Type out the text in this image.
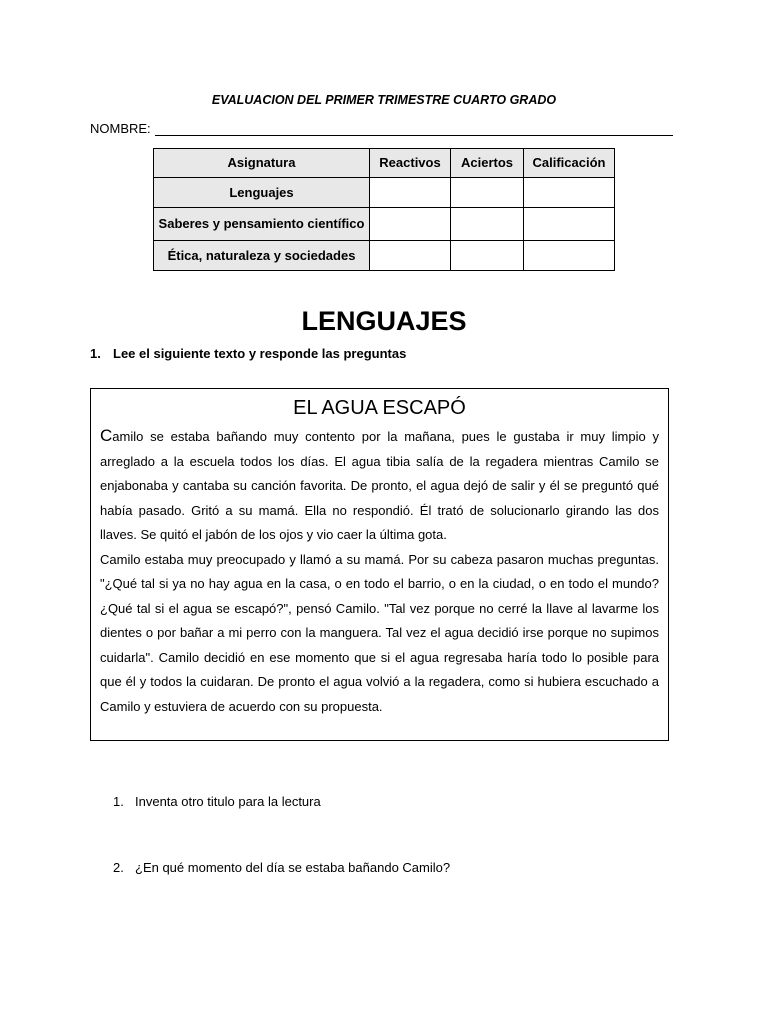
EVALUACION DEL PRIMER TRIMESTRE CUARTO GRADO
NOMBRE:
Asignatura	Reactivos	Aciertos	Calificación
Lenguajes			
Saberes y pensamiento científico			
Ética, naturaleza y sociedades			
LENGUAJES
1. Lee el siguiente texto y responde las preguntas
EL AGUA ESCAPÓ

Camilo se estaba bañando muy contento por la mañana, pues le gustaba ir muy limpio y arreglado a la escuela todos los días. El agua tibia salía de la regadera mientras Camilo se enjabonaba y cantaba su canción favorita. De pronto, el agua dejó de salir y él se preguntó qué había pasado. Gritó a su mamá. Ella no respondió. Él trató de solucionarlo girando las dos llaves. Se quitó el jabón de los ojos y vio caer la última gota.

Camilo estaba muy preocupado y llamó a su mamá. Por su cabeza pasaron muchas preguntas. "¿Qué tal si ya no hay agua en la casa, o en todo el barrio, o en la ciudad, o en todo el mundo? ¿Qué tal si el agua se escapó?", pensó Camilo. "Tal vez porque no cerré la llave al lavarme los dientes o por bañar a mi perro con la manguera. Tal vez el agua decidió irse porque no supimos cuidarla". Camilo decidió en ese momento que si el agua regresaba haría todo lo posible para que él y todos la cuidaran. De pronto el agua volvió a la regadera, como si hubiera escuchado a Camilo y estuviera de acuerdo con su propuesta.

1. Inventa otro titulo para la lectura
2. ¿En qué momento del día se estaba bañando Camilo?
